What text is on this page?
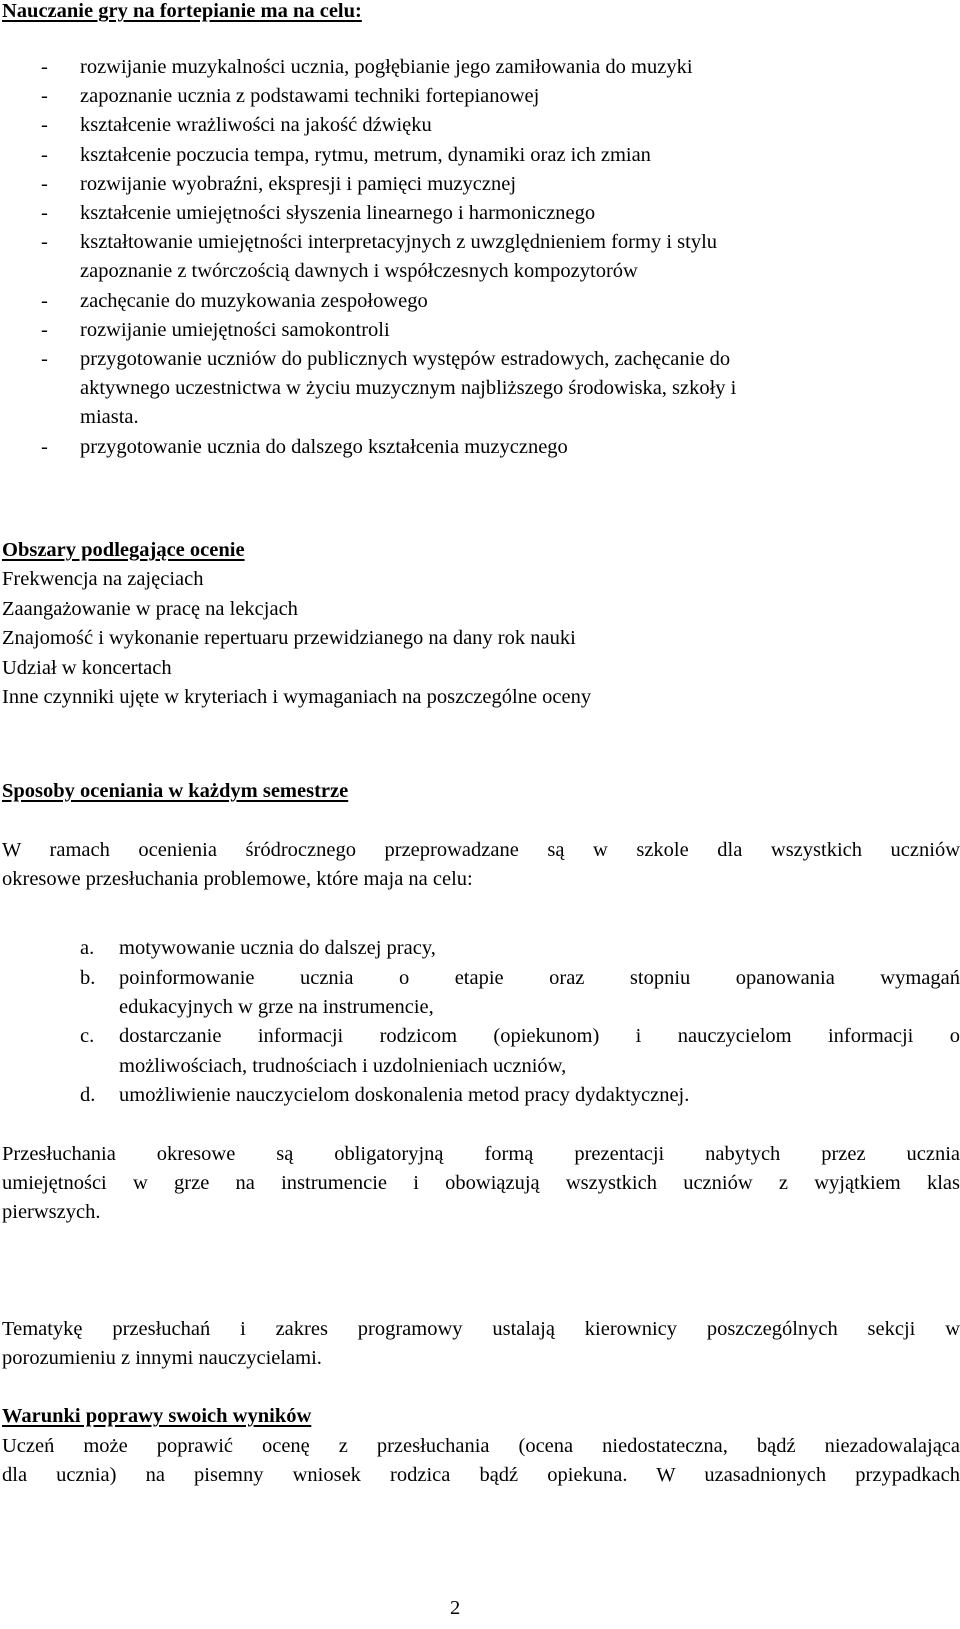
Nauczanie gry na fortepianie ma na celu:
- rozwijanie muzykalności ucznia, pogłębianie jego zamiłowania do muzyki
- zapoznanie ucznia z podstawami techniki fortepianowej
- kształcenie wrażliwości na jakość dźwięku
- kształcenie poczucia tempa, rytmu, metrum, dynamiki oraz ich zmian
- rozwijanie wyobraźni, ekspresji i pamięci muzycznej
- kształcenie umiejętności słyszenia linearnego i harmonicznego
- kształtowanie umiejętności interpretacyjnych z uwzględnieniem formy i stylu
zapoznanie z twórczością dawnych i współczesnych kompozytorów
- zachęcanie do muzykowania zespołowego
- rozwijanie umiejętności samokontroli
- przygotowanie uczniów do publicznych występów estradowych, zachęcanie do
aktywnego uczestnictwa w życiu muzycznym najbliższego środowiska, szkoły i
miasta.
- przygotowanie ucznia do dalszego kształcenia muzycznego
Obszary podlegające ocenie
Frekwencja na zajęciach
Zaangażowanie w pracę na lekcjach
Znajomość i wykonanie repertuaru przewidzianego na dany rok nauki
Udział w koncertach
Inne czynniki ujęte w kryteriach i wymaganiach na poszczególne oceny
Sposoby oceniania w każdym semestrze
W ramach ocenienia śródrocznego przeprowadzane są w szkole dla wszystkich uczniów
okresowe przesłuchania problemowe, które maja na celu:
a. motywowanie ucznia do dalszej pracy,
b. poinformowanie ucznia o etapie oraz stopniu opanowania wymagań
edukacyjnych w grze na instrumencie,
c. dostarczanie informacji rodzicom (opiekunom) i nauczycielom informacji o
możliwościach, trudnościach i uzdolnieniach uczniów,
d. umożliwienie nauczycielom doskonalenia metod pracy dydaktycznej.
Przesłuchania okresowe są obligatoryjną formą prezentacji nabytych przez ucznia
umiejętności w grze na instrumencie i obowiązują wszystkich uczniów z wyjątkiem klas
pierwszych.
Tematykę przesłuchań i zakres programowy ustalają kierownicy poszczególnych sekcji w
porozumieniu z innymi nauczycielami.
Warunki poprawy swoich wyników
Uczeń może poprawić ocenę z przesłuchania (ocena niedostateczna, bądź niezadowalająca
dla ucznia) na pisemny wniosek rodzica bądź opiekuna. W uzasadnionych przypadkach
2
